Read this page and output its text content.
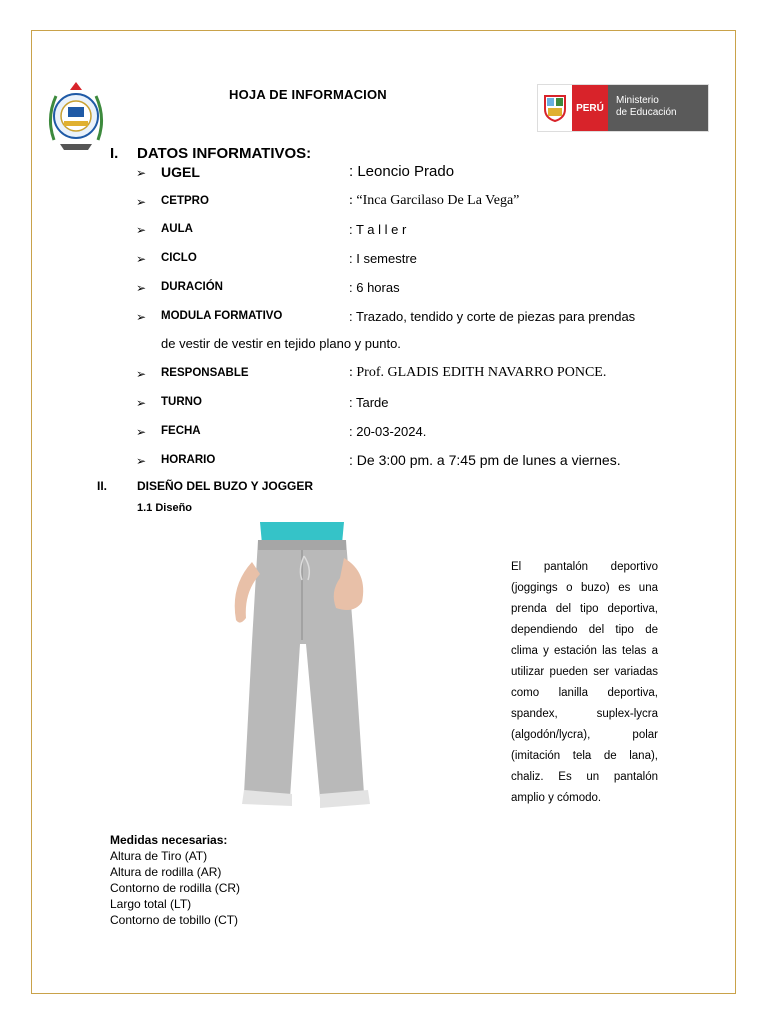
HOJA DE INFORMACION
PERÚ
Ministerio
de Educación
I. DATOS INFORMATIVOS:
➢ UGEL	: Leoncio Prado
➢ CETPRO	: “Inca Garcilaso De La Vega”
➢ AULA	: T a l l e r
➢ CICLO	: I semestre
➢ DURACIÓN	: 6 horas
➢ MODULA FORMATIVO	: Trazado, tendido y corte de piezas para prendas
de vestir de vestir en tejido plano y punto.
➢ RESPONSABLE	: Prof. GLADIS EDITH NAVARRO PONCE.
➢ TURNO	: Tarde
➢ FECHA	: 20-03-2024.
➢ HORARIO	: De 3:00 pm. a 7:45 pm de lunes a viernes.
II. DISEÑO DEL BUZO Y JOGGER
1.1 Diseño
El pantalón deportivo (joggings o buzo) es una prenda del tipo deportiva, dependiendo del tipo de clima y estación las telas a utilizar pueden ser variadas como lanilla deportiva, spandex, suplex-lycra (algodón/lycra), polar (imitación tela de lana), chaliz. Es un pantalón amplio y cómodo.
Medidas necesarias:
Altura de Tiro (AT)
Altura de rodilla (AR)
Contorno de rodilla (CR)
Largo total (LT)
Contorno de tobillo (CT)
